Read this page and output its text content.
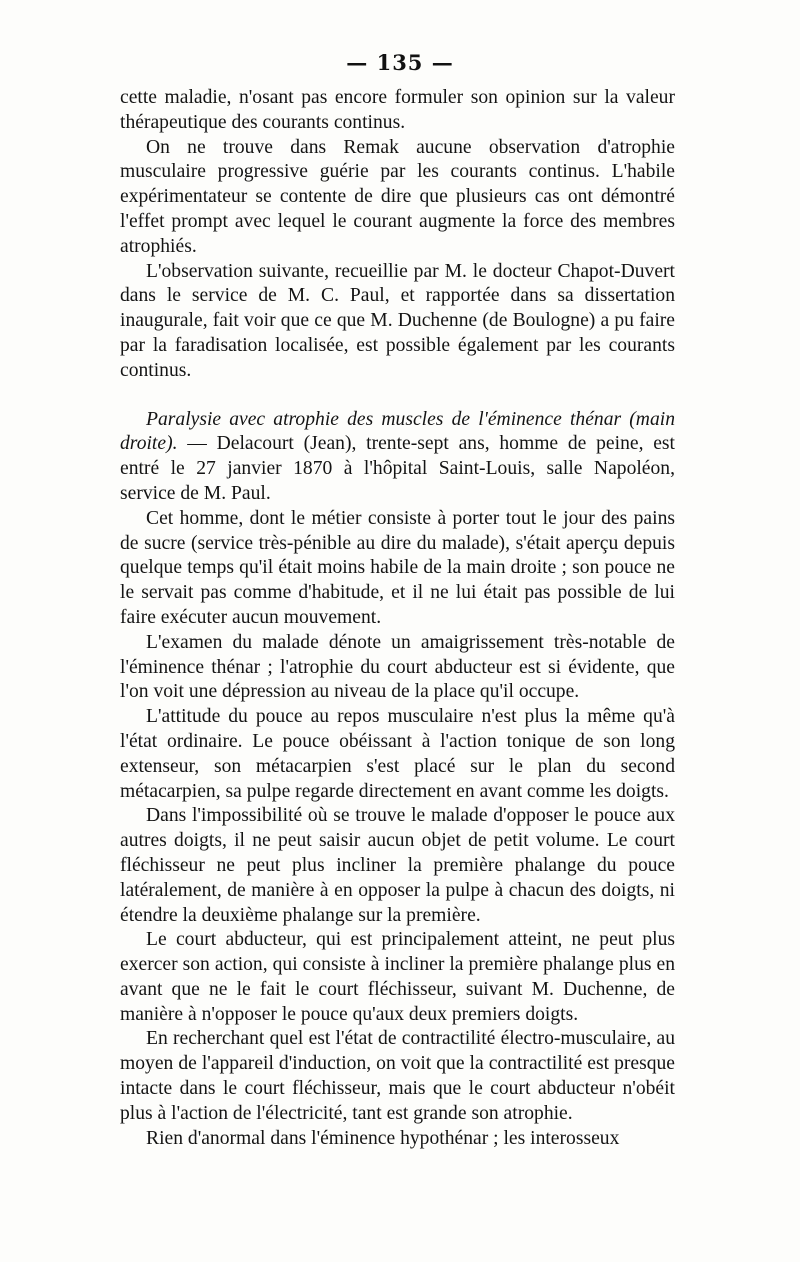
— 135 —

cette maladie, n'osant pas encore formuler son opinion sur la valeur thérapeutique des courants continus.

On ne trouve dans Remak aucune observation d'atrophie musculaire progressive guérie par les courants continus. L'habile expérimentateur se contente de dire que plusieurs cas ont démontré l'effet prompt avec lequel le courant augmente la force des membres atrophiés.

L'observation suivante, recueillie par M. le docteur Chapot-Duvert dans le service de M. C. Paul, et rapportée dans sa dissertation inaugurale, fait voir que ce que M. Duchenne (de Boulogne) a pu faire par la faradisation localisée, est possible également par les courants continus.

Paralysie avec atrophie des muscles de l'éminence thénar (main droite). — Delacourt (Jean), trente-sept ans, homme de peine, est entré le 27 janvier 1870 à l'hôpital Saint-Louis, salle Napoléon, service de M. Paul.

Cet homme, dont le métier consiste à porter tout le jour des pains de sucre (service très-pénible au dire du malade), s'était aperçu depuis quelque temps qu'il était moins habile de la main droite ; son pouce ne le servait pas comme d'habitude, et il ne lui était pas possible de lui faire exécuter aucun mouvement.

L'examen du malade dénote un amaigrissement très-notable de l'éminence thénar ; l'atrophie du court abducteur est si évidente, que l'on voit une dépression au niveau de la place qu'il occupe.

L'attitude du pouce au repos musculaire n'est plus la même qu'à l'état ordinaire. Le pouce obéissant à l'action tonique de son long extenseur, son métacarpien s'est placé sur le plan du second métacarpien, sa pulpe regarde directement en avant comme les doigts.

Dans l'impossibilité où se trouve le malade d'opposer le pouce aux autres doigts, il ne peut saisir aucun objet de petit volume. Le court fléchisseur ne peut plus incliner la première phalange du pouce latéralement, de manière à en opposer la pulpe à chacun des doigts, ni étendre la deuxième phalange sur la première.

Le court abducteur, qui est principalement atteint, ne peut plus exercer son action, qui consiste à incliner la première phalange plus en avant que ne le fait le court fléchisseur, suivant M. Duchenne, de manière à n'opposer le pouce qu'aux deux premiers doigts.

En recherchant quel est l'état de contractilité électro-musculaire, au moyen de l'appareil d'induction, on voit que la contractilité est presque intacte dans le court fléchisseur, mais que le court abducteur n'obéit plus à l'action de l'électricité, tant est grande son atrophie.

Rien d'anormal dans l'éminence hypothénar ; les interosseux
